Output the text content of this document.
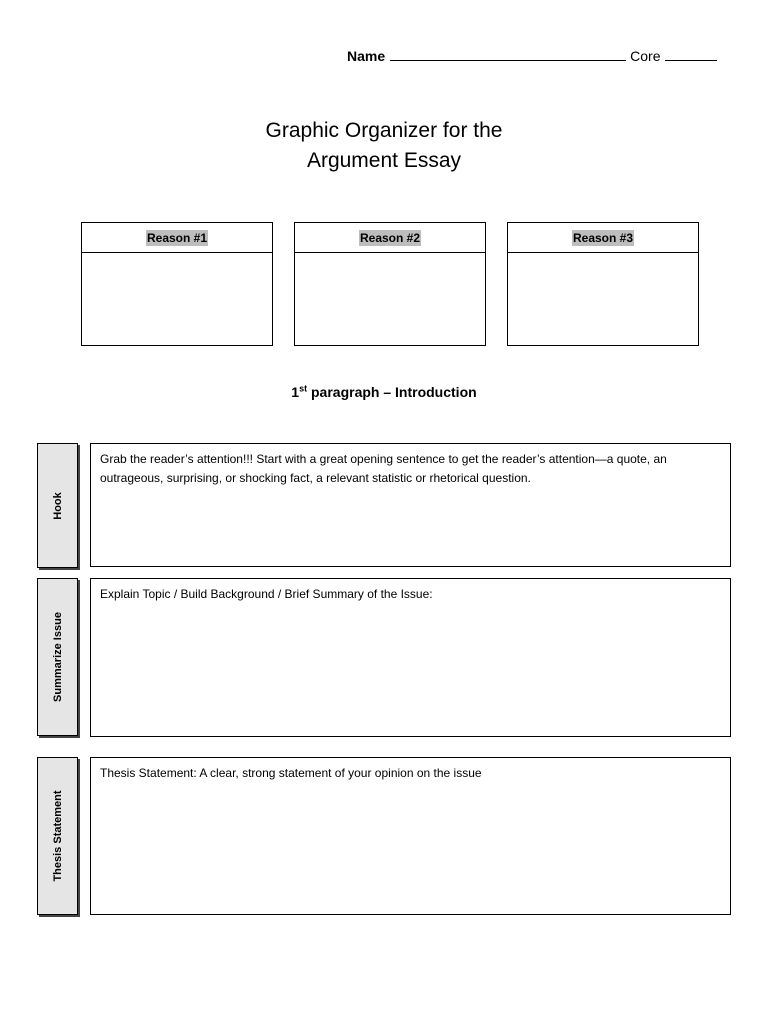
Name	Core
Graphic Organizer for the
Argument Essay
Reason #1	Reason #2	Reason #3
1st paragraph – Introduction
Hook
Grab the reader’s attention!!! Start with a great opening sentence to get the reader’s attention—a quote, an outrageous, surprising, or shocking fact, a relevant statistic or rhetorical question.
Summarize Issue
Explain Topic / Build Background / Brief Summary of the Issue:
Thesis Statement
Thesis Statement: A clear, strong statement of your opinion on the issue
